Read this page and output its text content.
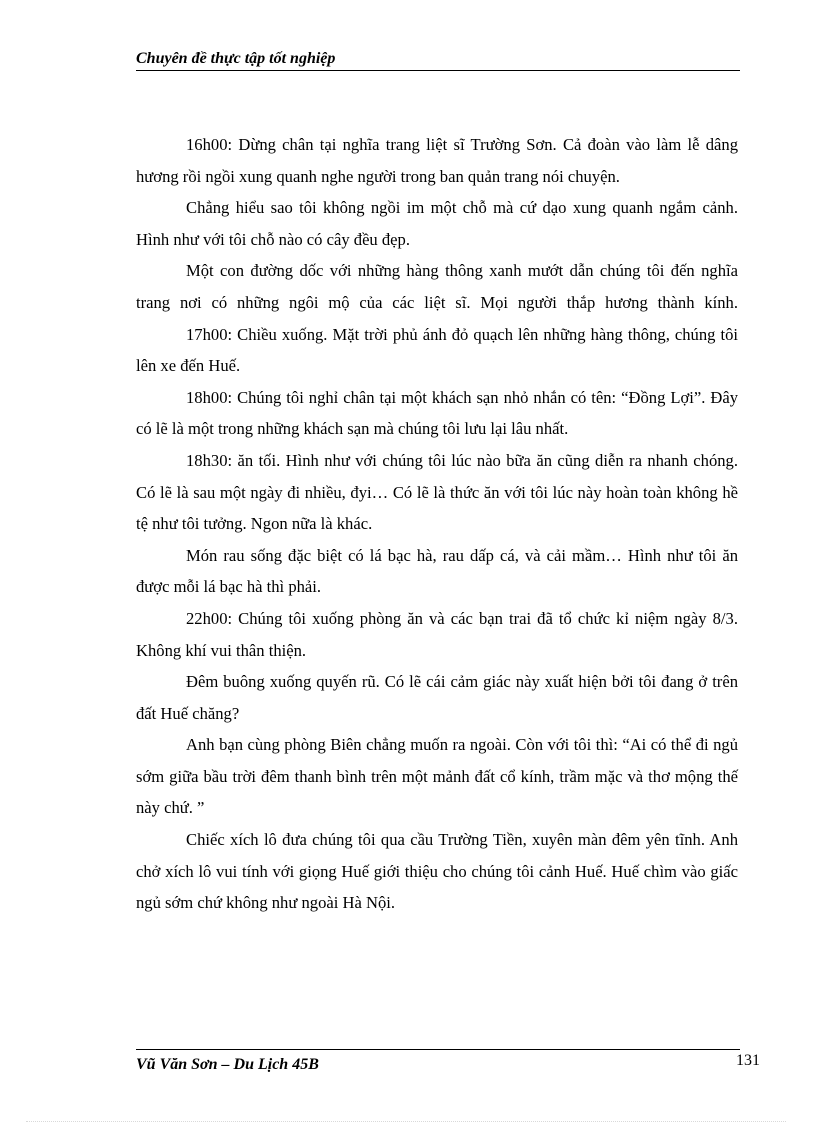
Chuyên đề thực tập tốt nghiệp

16h00: Dừng chân tại nghĩa trang liệt sĩ Trường Sơn. Cả đoàn vào làm lễ dâng hương rồi ngồi xung quanh nghe người trong ban quản trang nói chuyện.

Chẳng hiểu sao tôi không ngồi im một chỗ mà cứ dạo xung quanh ngắm cảnh. Hình như với tôi chỗ nào có cây đều đẹp.

Một con đường dốc với những hàng thông xanh mướt dẫn chúng tôi đến nghĩa trang nơi có những ngôi mộ của các liệt sĩ. Mọi người thắp hương thành kính.

17h00: Chiều xuống. Mặt trời phủ ánh đỏ quạch lên những hàng thông, chúng tôi lên xe đến Huế.

18h00: Chúng tôi nghỉ chân tại một khách sạn nhỏ nhắn có tên: “Đồng Lợi”. Đây có lẽ là một trong những khách sạn mà chúng tôi lưu lại lâu nhất.

18h30: ăn tối. Hình như với chúng tôi lúc nào bữa ăn cũng diễn ra nhanh chóng. Có lẽ là sau một ngày đi nhiều, đyi… Có lẽ là thức ăn với tôi lúc này hoàn toàn không hề tệ như tôi tưởng. Ngon nữa là khác.

Món rau sống đặc biệt có lá bạc hà, rau dấp cá, và cải mầm… Hình như tôi ăn được mỗi lá bạc hà thì phải.

22h00: Chúng tôi xuống phòng ăn và các bạn trai đã tổ chức kỉ niệm ngày 8/3. Không khí vui thân thiện.

Đêm buông xuống quyến rũ. Có lẽ cái cảm giác này xuất hiện bởi tôi đang ở trên đất Huế chăng?

Anh bạn cùng phòng Biên chẳng muốn ra ngoài. Còn với tôi thì: “Ai có thể đi ngủ sớm giữa bầu trời đêm thanh bình trên một mảnh đất cổ kính, trầm mặc và thơ mộng thế này chứ. ”

Chiếc xích lô đưa chúng tôi qua cầu Trường Tiền, xuyên màn đêm yên tĩnh. Anh chở xích lô vui tính với giọng Huế giới thiệu cho chúng tôi cảnh Huế. Huế chìm vào giấc ngủ sớm chứ không như ngoài Hà Nội.

Vũ Văn Sơn – Du Lịch 45B	131
